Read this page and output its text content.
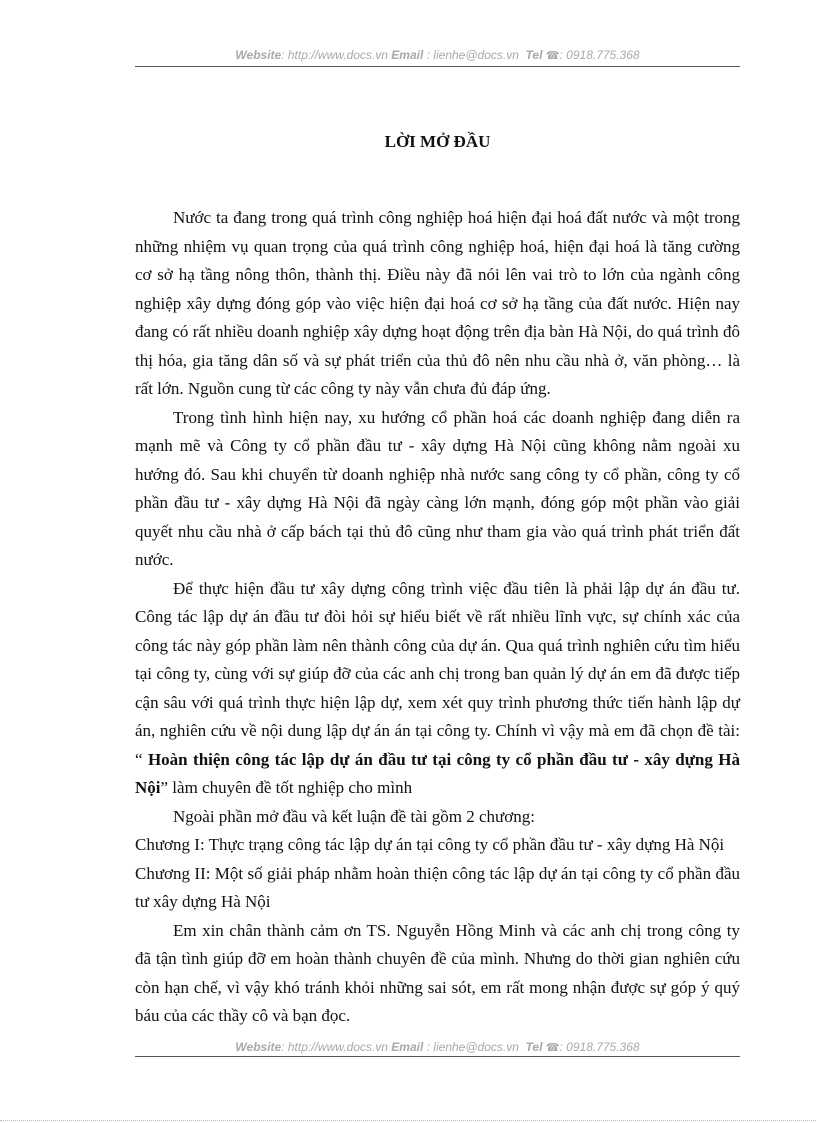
Website: http://www.docs.vn Email : lienhe@docs.vn Tel ☎: 0918.775.368
LỜI MỞ ĐẦU

Nước ta đang trong quá trình công nghiệp hoá hiện đại hoá đất nước và một trong những nhiệm vụ quan trọng của quá trình công nghiệp hoá, hiện đại hoá là tăng cường cơ sở hạ tầng nông thôn, thành thị. Điều này đã nói lên vai trò to lớn của ngành công nghiệp xây dựng đóng góp vào việc hiện đại hoá cơ sở hạ tầng của đất nước. Hiện nay đang có rất nhiều doanh nghiệp xây dựng hoạt động trên địa bàn Hà Nội, do quá trình đô thị hóa, gia tăng dân số và sự phát triển của thủ đô nên nhu cầu nhà ở, văn phòng… là rất lớn. Nguồn cung từ các công ty này vẫn chưa đủ đáp ứng.

Trong tình hình hiện nay, xu hướng cổ phần hoá các doanh nghiệp đang diễn ra mạnh mẽ và Công ty cổ phần đầu tư - xây dựng Hà Nội cũng không nằm ngoài xu hướng đó. Sau khi chuyển từ doanh nghiệp nhà nước sang công ty cổ phần, công ty cổ phần đầu tư - xây dựng Hà Nội đã ngày càng lớn mạnh, đóng góp một phần vào giải quyết nhu cầu nhà ở cấp bách tại thủ đô cũng như tham gia vào quá trình phát triển đất nước.

Để thực hiện đầu tư xây dựng công trình việc đầu tiên là phải lập dự án đầu tư. Công tác lập dự án đầu tư đòi hỏi sự hiểu biết về rất nhiều lĩnh vực, sự chính xác của công tác này góp phần làm nên thành công của dự án. Qua quá trình nghiên cứu tìm hiểu tại công ty, cùng với sự giúp đỡ của các anh chị trong ban quản lý dự án em đã được tiếp cận sâu với quá trình thực hiện lập dự, xem xét quy trình phương thức tiến hành lập dự án, nghiên cứu về nội dung lập dự án án tại công ty. Chính vì vậy mà em đã chọn đề tài: “ Hoàn thiện công tác lập dự án đầu tư tại công ty cổ phần đầu tư - xây dựng Hà Nội” làm chuyên đề tốt nghiệp cho mình

Ngoài phần mở đầu và kết luận đề tài gồm 2 chương:

Chương I: Thực trạng công tác lập dự án tại công ty cổ phần đầu tư - xây dựng Hà Nội

Chương II: Một số giải pháp nhằm hoàn thiện công tác lập dự án tại công ty cổ phần đầu tư xây dựng Hà Nội

Em xin chân thành cảm ơn TS. Nguyễn Hồng Minh và các anh chị trong công ty đã tận tình giúp đỡ em hoàn thành chuyên đề của mình. Nhưng do thời gian nghiên cứu còn hạn chế, vì vậy khó tránh khỏi những sai sót, em rất mong nhận được sự góp ý quý báu của các thầy cô và bạn đọc.

Website: http://www.docs.vn Email : lienhe@docs.vn Tel ☎: 0918.775.368
